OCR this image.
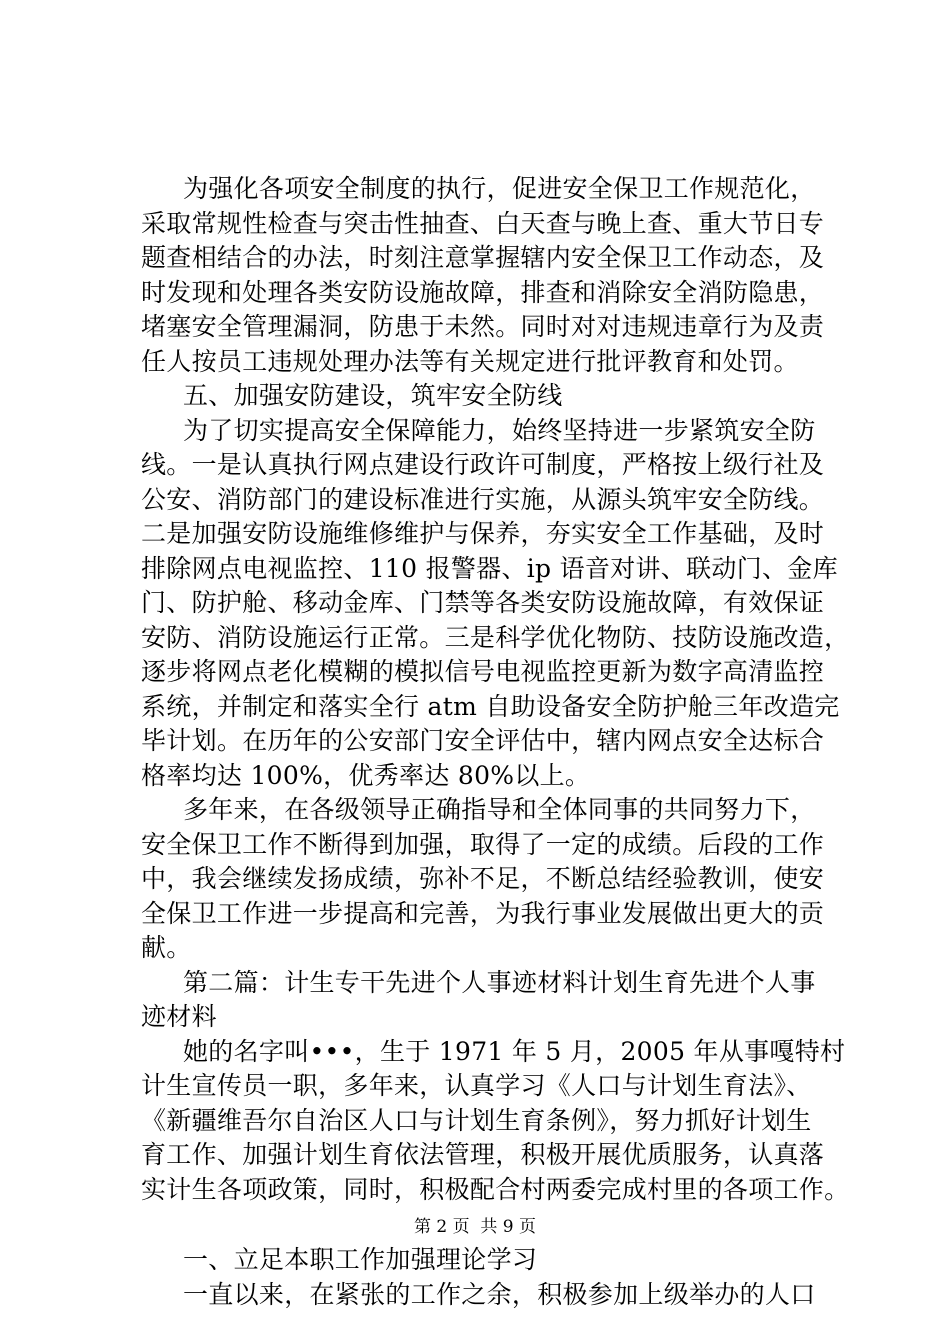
为强化各项安全制度的执行，促进安全保卫工作规范化，
采取常规性检查与突击性抽查、白天查与晚上查、重大节日专
题查相结合的办法，时刻注意掌握辖内安全保卫工作动态，及
时发现和处理各类安防设施故障，排查和消除安全消防隐患，
堵塞安全管理漏洞，防患于未然。同时对对违规违章行为及责
任人按员工违规处理办法等有关规定进行批评教育和处罚。
五、加强安防建设，筑牢安全防线
为了切实提高安全保障能力，始终坚持进一步紧筑安全防
线。一是认真执行网点建设行政许可制度，严格按上级行社及
公安、消防部门的建设标准进行实施，从源头筑牢安全防线。
二是加强安防设施维修维护与保养，夯实安全工作基础，及时
排除网点电视监控、110 报警器、ip 语音对讲、联动门、金库
门、防护舱、移动金库、门禁等各类安防设施故障，有效保证
安防、消防设施运行正常。三是科学优化物防、技防设施改造，
逐步将网点老化模糊的模拟信号电视监控更新为数字高清监控
系统，并制定和落实全行 atm 自助设备安全防护舱三年改造完
毕计划。在历年的公安部门安全评估中，辖内网点安全达标合
格率均达 100%，优秀率达 80%以上。
多年来，在各级领导正确指导和全体同事的共同努力下，
安全保卫工作不断得到加强，取得了一定的成绩。后段的工作
中，我会继续发扬成绩，弥补不足，不断总结经验教训，使安
全保卫工作进一步提高和完善，为我行事业发展做出更大的贡
献。
第二篇：计生专干先进个人事迹材料计划生育先进个人事
迹材料
她的名字叫•••，生于 1971 年 5 月，2005 年从事嘎特村
计生宣传员一职，多年来，认真学习《人口与计划生育法》、
《新疆维吾尔自治区人口与计划生育条例》，努力抓好计划生
育工作、加强计划生育依法管理，积极开展优质服务，认真落
实计生各项政策，同时，积极配合村两委完成村里的各项工作。
一、立足本职工作加强理论学习
一直以来，在紧张的工作之余，积极参加上级举办的人口
第 2 页  共 9 页
